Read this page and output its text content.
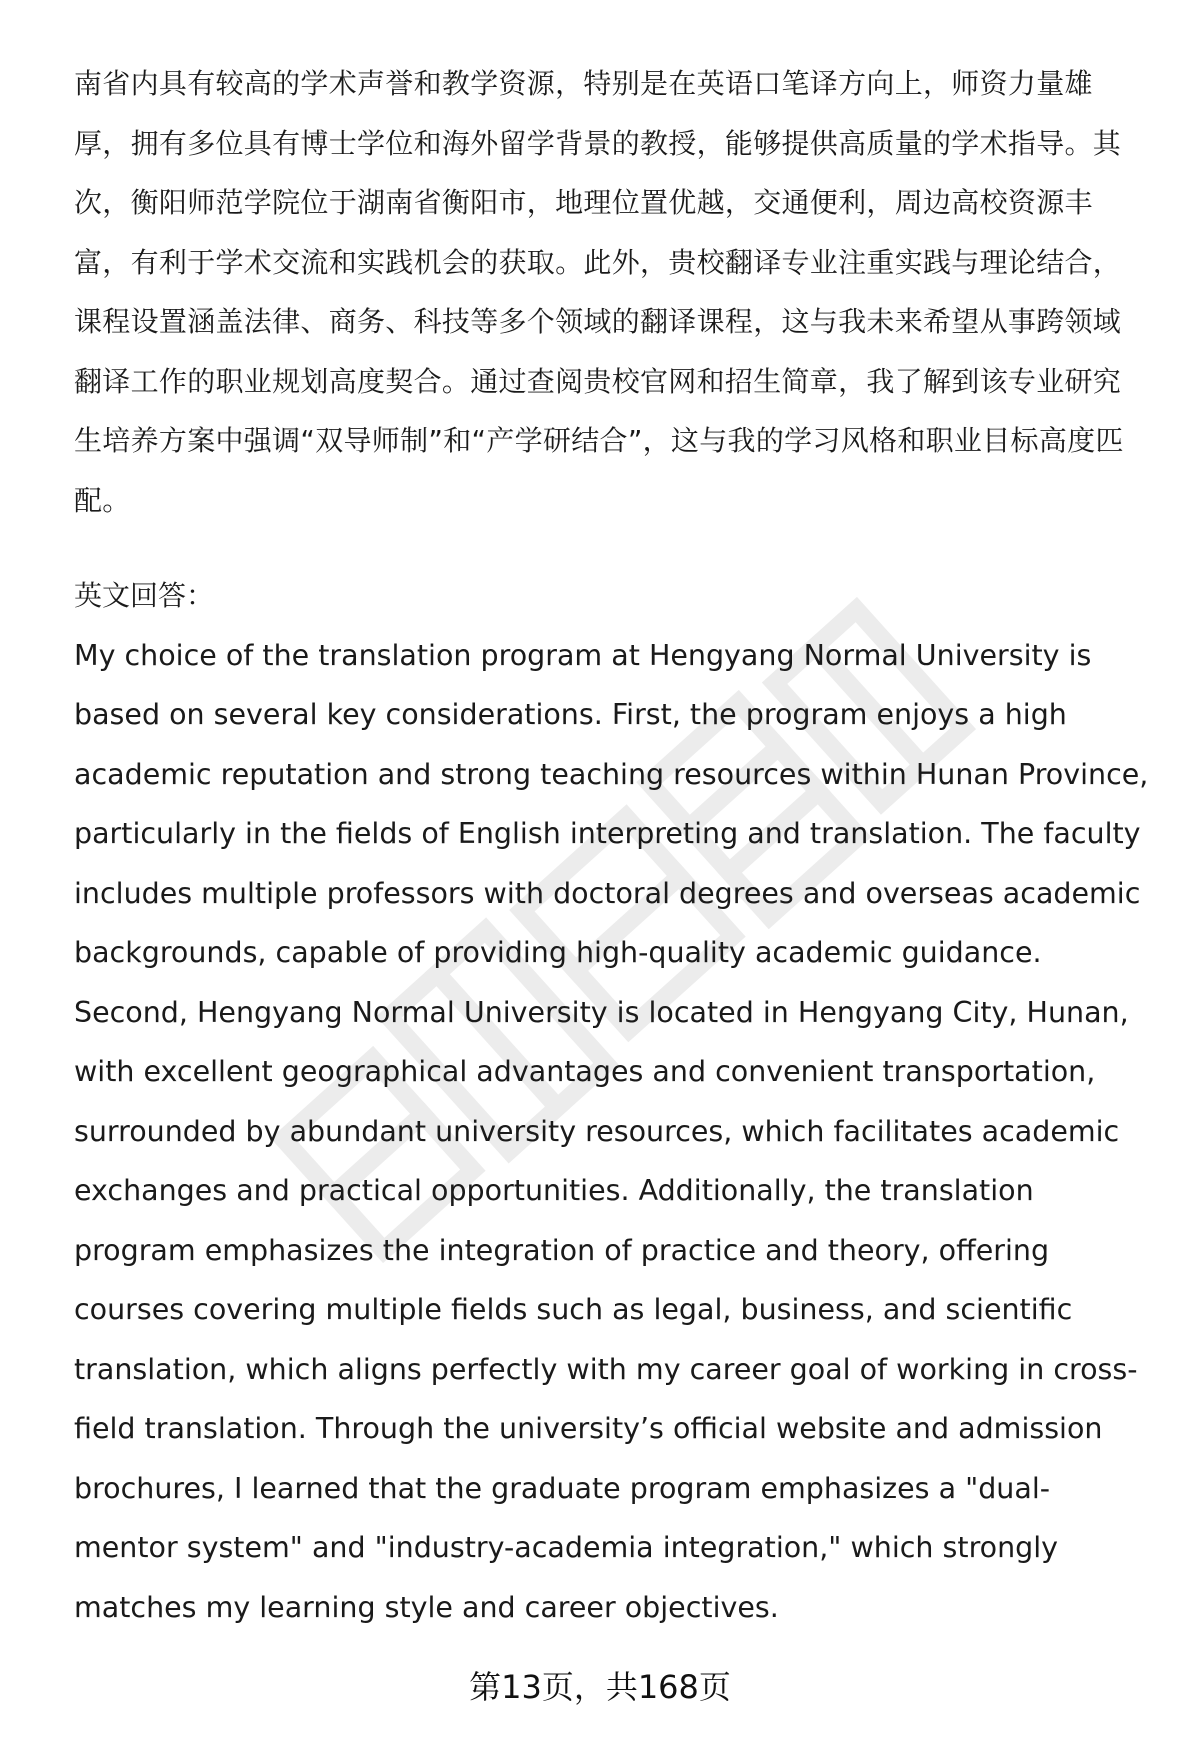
南省内具有较高的学术声誉和教学资源，特别是在英语口笔译方向上，师资力量雄厚，拥有多位具有博士学位和海外留学背景的教授，能够提供高质量的学术指导。其次，衡阳师范学院位于湖南省衡阳市，地理位置优越，交通便利，周边高校资源丰富，有利于学术交流和实践机会的获取。此外，贵校翻译专业注重实践与理论结合，课程设置涵盖法律、商务、科技等多个领域的翻译课程，这与我未来希望从事跨领域翻译工作的职业规划高度契合。通过查阅贵校官网和招生简章，我了解到该专业研究生培养方案中强调“双导师制”和“产学研结合”，这与我的学习风格和职业目标高度匹配。

英文回答：

My choice of the translation program at Hengyang Normal University is based on several key considerations. First, the program enjoys a high academic reputation and strong teaching resources within Hunan Province, particularly in the fields of English interpreting and translation. The faculty includes multiple professors with doctoral degrees and overseas academic backgrounds, capable of providing high-quality academic guidance. Second, Hengyang Normal University is located in Hengyang City, Hunan, with excellent geographical advantages and convenient transportation, surrounded by abundant university resources, which facilitates academic exchanges and practical opportunities. Additionally, the translation program emphasizes the integration of practice and theory, offering courses covering multiple fields such as legal, business, and scientific translation, which aligns perfectly with my career goal of working in cross-field translation. Through the university’s official website and admission brochures, I learned that the graduate program emphasizes a "dual-mentor system" and "industry-academia integration," which strongly matches my learning style and career objectives.

第13页，共168页
